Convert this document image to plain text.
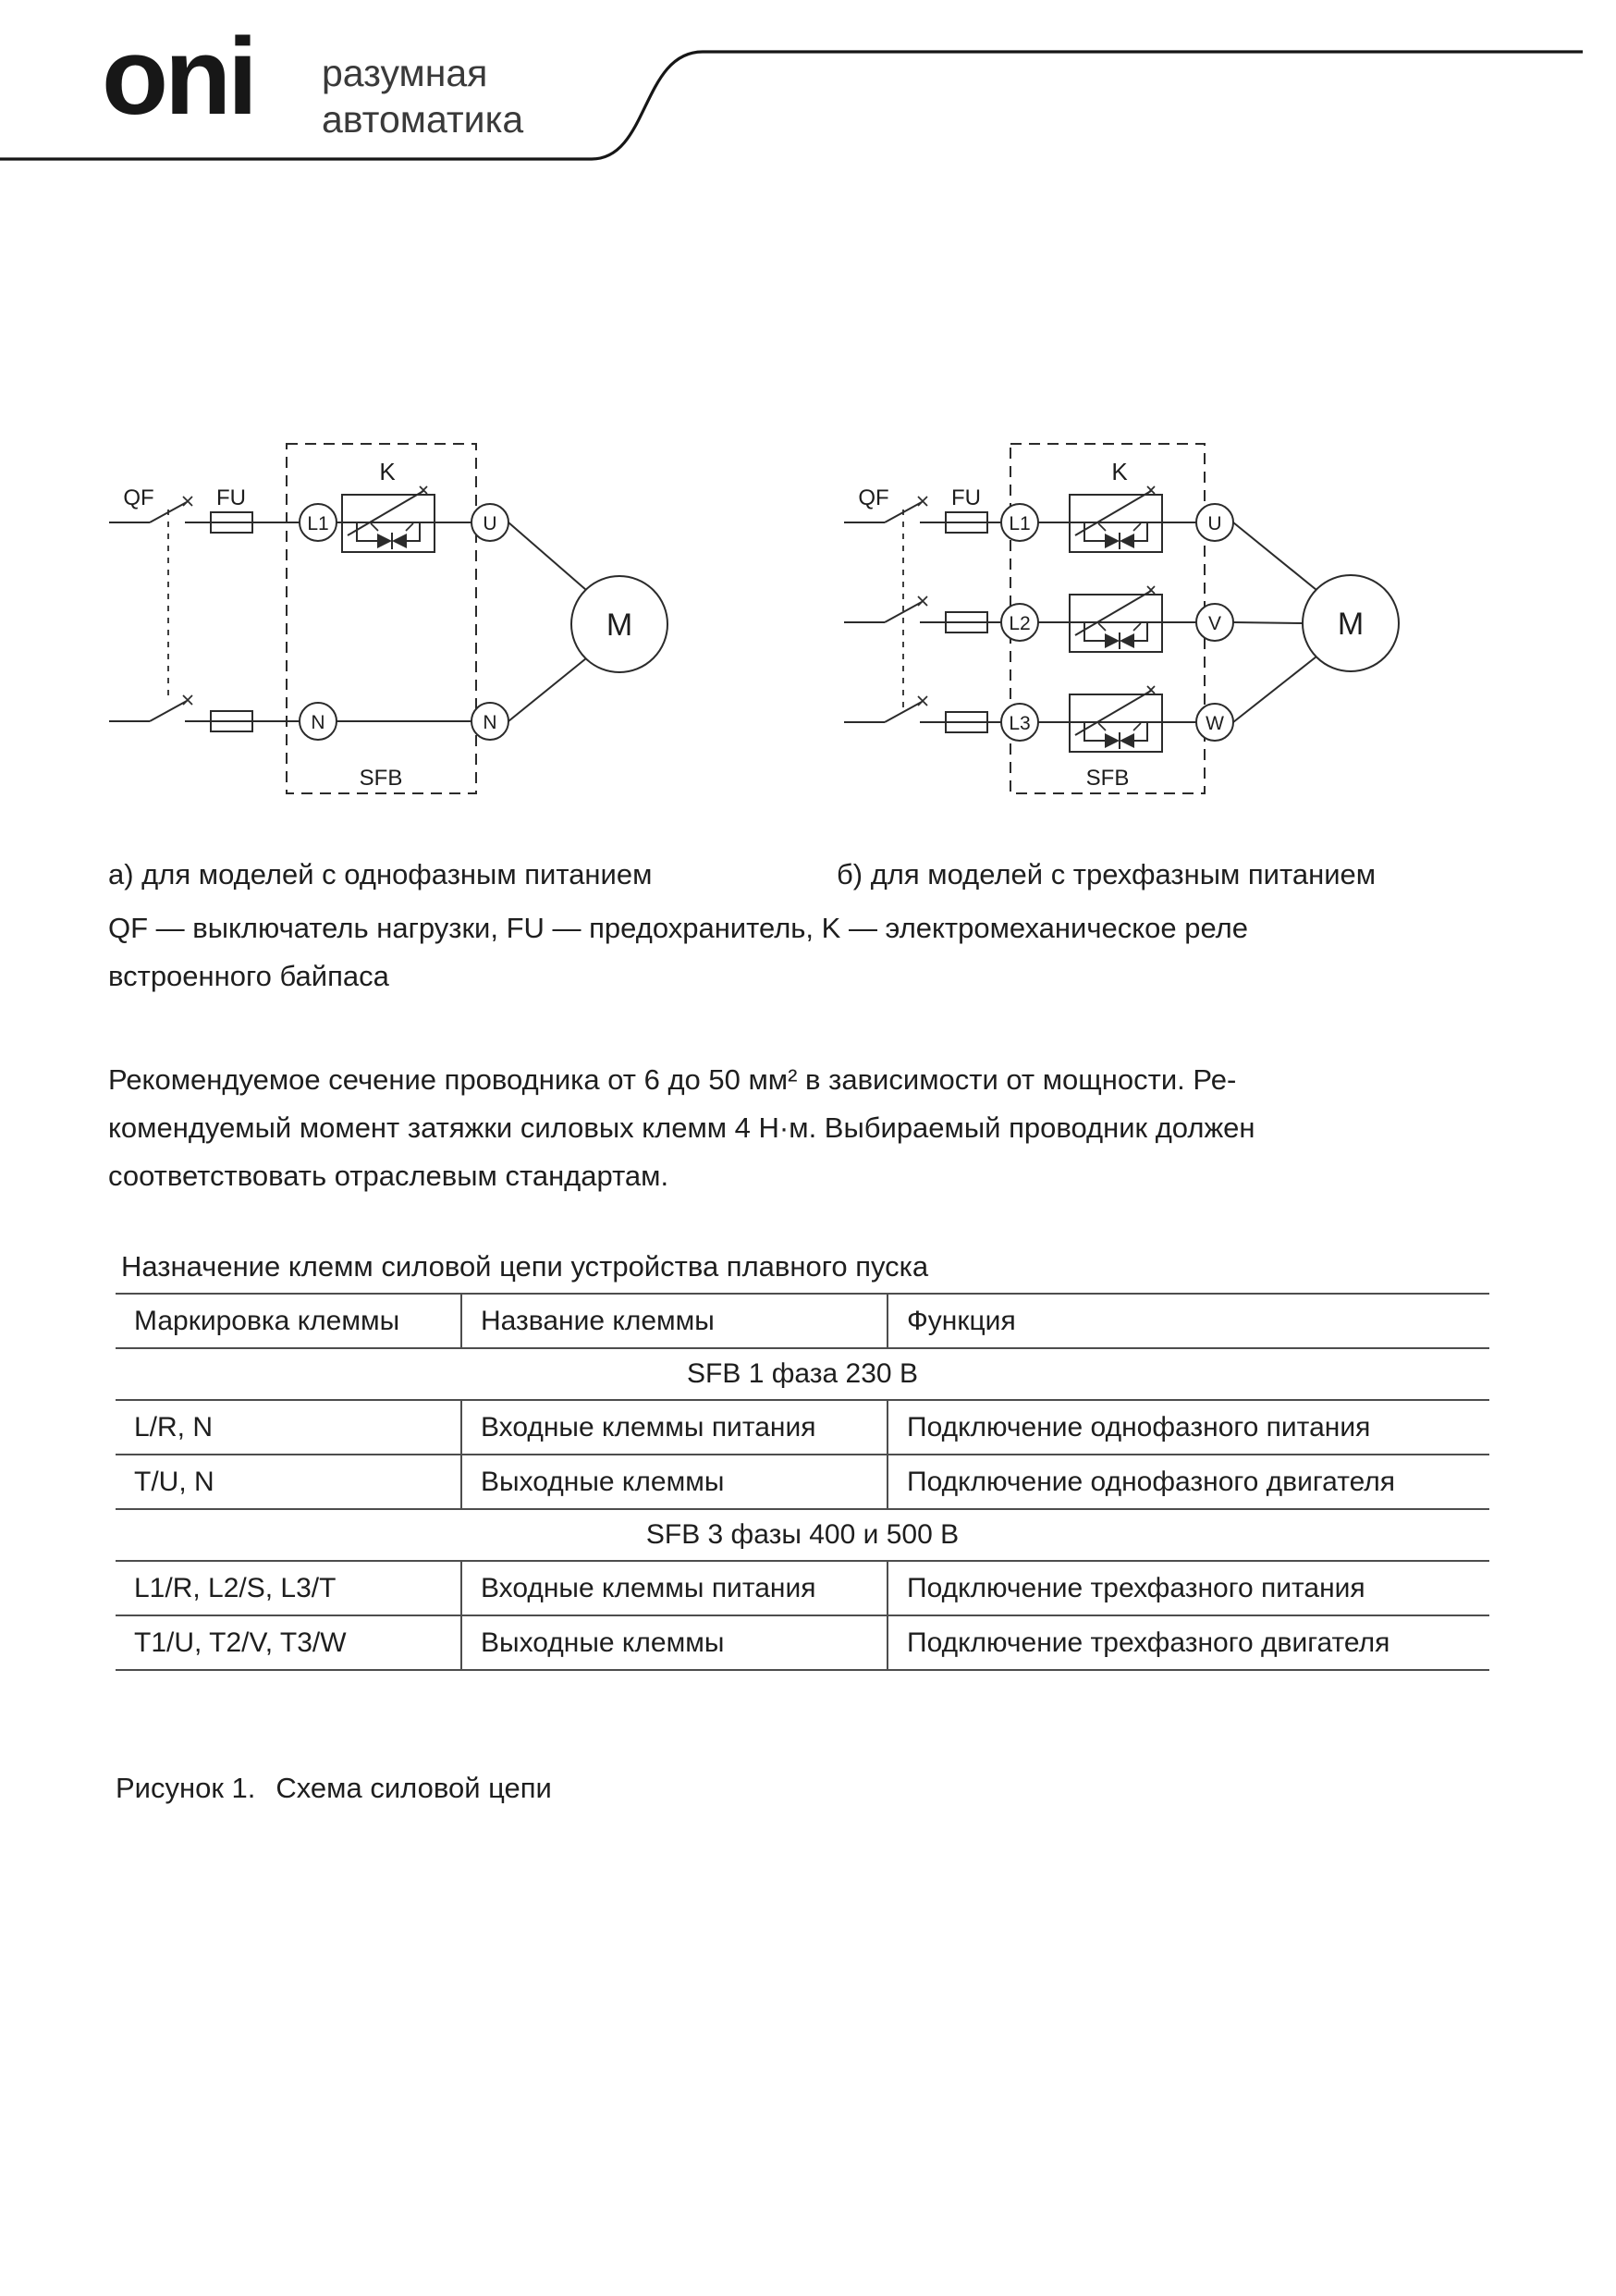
oni разумная
автоматика
QF	FU
K
L1	U
N	N
M
SFB
QF	FU
K
L1
L2
L3
U
V
W
M
SFB
а) для моделей с однофазным питанием	б) для моделей с трехфазным питанием
QF — выключатель нагрузки, FU — предохранитель, K — электромеханическое реле
встроенного байпаса
Рекомендуемое сечение проводника от 6 до 50 мм² в зависимости от мощности. Ре-
комендуемый момент затяжки силовых клемм 4 Н·м. Выбираемый проводник должен
соответствовать отраслевым стандартам.
Назначение клемм силовой цепи устройства плавного пуска
Маркировка клеммы	Название клеммы	Функция
SFB 1 фаза 230 В		
L/R, N	Входные клеммы питания	Подключение однофазного питания
T/U, N	Выходные клеммы	Подключение однофазного двигателя
SFB 3 фазы 400 и 500 В		
L1/R, L2/S, L3/T	Входные клеммы питания	Подключение трехфазного питания
T1/U, T2/V, T3/W	Выходные клеммы	Подключение трехфазного двигателя
Рисунок 1. Схема силовой цепи
